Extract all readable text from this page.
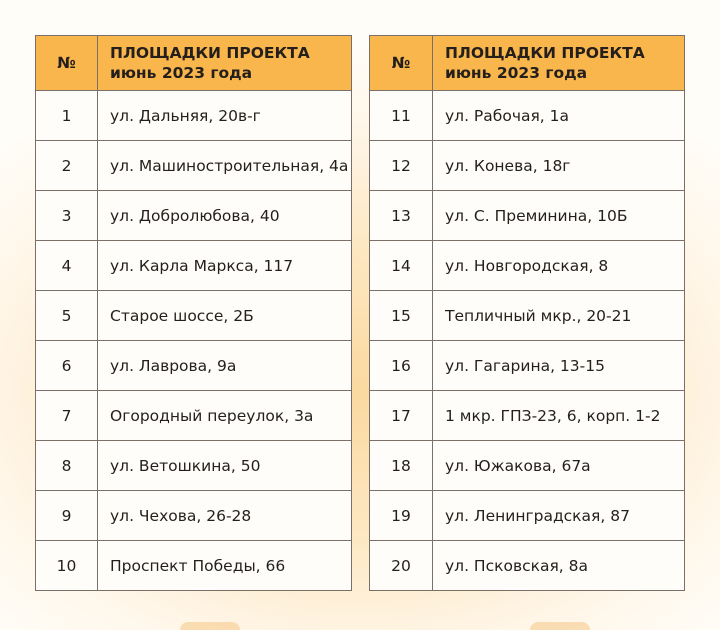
№	ПЛОЩАДКИ ПРОЕКТА
июнь 2023 года

1	ул. Дальняя, 20в-г
2	ул. Машиностроительная, 4а
3	ул. Добролюбова, 40
4	ул. Карла Маркса, 117
5	Старое шоссе, 2Б
6	ул. Лаврова, 9а
7	Огородный переулок, 3а
8	ул. Ветошкина, 50
9	ул. Чехова, 26-28
10	Проспект Победы, 66
№	ПЛОЩАДКИ ПРОЕКТА
июнь 2023 года

11	ул. Рабочая, 1а
12	ул. Конева, 18г
13	ул. С. Преминина, 10Б
14	ул. Новгородская, 8
15	Тепличный мкр., 20-21
16	ул. Гагарина, 13-15
17	1 мкр. ГПЗ-23, 6, корп. 1-2
18	ул. Южакова, 67а
19	ул. Ленинградская, 87
20	ул. Псковская, 8а
